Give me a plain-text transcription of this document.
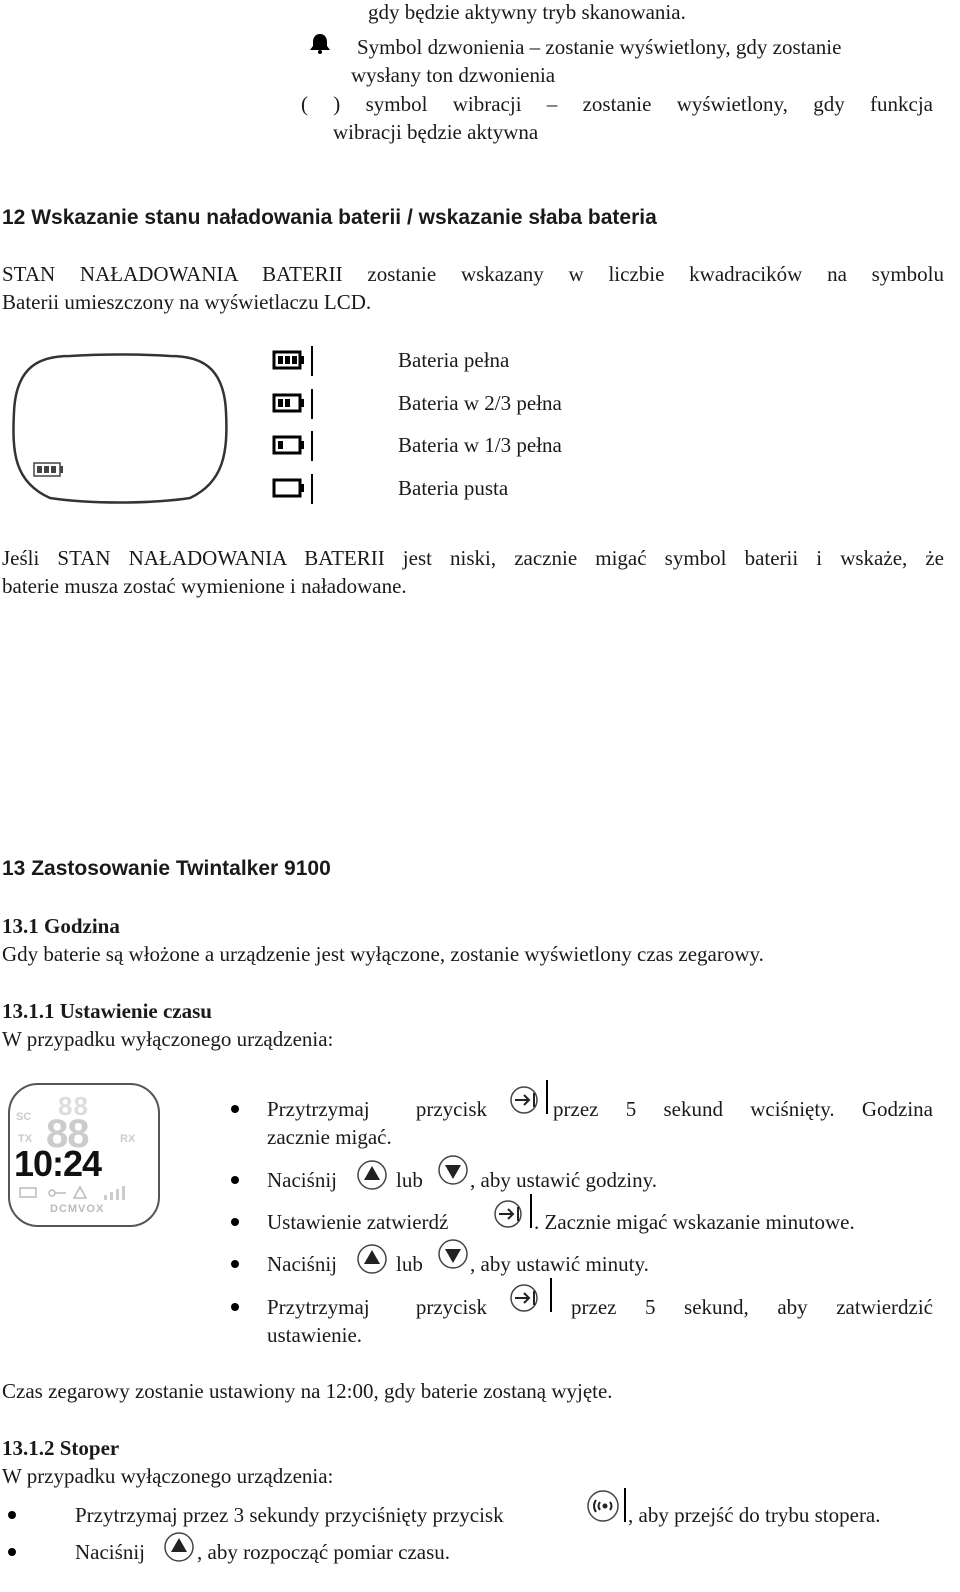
gdy będzie aktywny tryb skanowania.
Symbol dzwonienia – zostanie wyświetlony, gdy zostanie
wysłany ton dzwonienia
( ) symbol wibracji – zostanie wyświetlony, gdy funkcja
wibracji będzie aktywna
12 Wskazanie stanu naładowania baterii / wskazanie słaba bateria
STAN NAŁADOWANIA BATERII zostanie wskazany w liczbie kwadracików na symbolu
Baterii umieszczony na wyświetlaczu LCD.
Bateria pełna
Bateria w 2/3 pełna
Bateria w 1/3 pełna
Bateria pusta
Jeśli STAN NAŁADOWANIA BATERII jest niski, zacznie migać symbol baterii i wskaże, że
baterie musza zostać wymienione i naładowane.
13 Zastosowanie Twintalker 9100
13.1 Godzina
Gdy baterie są włożone a urządzenie jest wyłączone, zostanie wyświetlony czas zegarowy.
13.1.1 Ustawienie czasu
W przypadku wyłączonego urządzenia:
88
SC 88
TX	RX
10:24
DCMVOX
Przytrzymaj przycisk	przez 5 sekund wciśnięty. Godzina
zacznie migać.
Naciśnij	lub , aby ustawić godziny.
Ustawienie zatwierdź	. Zacznie migać wskazanie minutowe.
Naciśnij	lub , aby ustawić minuty.
Przytrzymaj przycisk	przez 5 sekund, aby zatwierdzić
ustawienie.
Czas zegarowy zostanie ustawiony na 12:00, gdy baterie zostaną wyjęte.
13.1.2 Stoper
W przypadku wyłączonego urządzenia:
Przytrzymaj przez 3 sekundy przyciśnięty przycisk	, aby przejść do trybu stopera.
Naciśnij , aby rozpocząć pomiar czasu.
